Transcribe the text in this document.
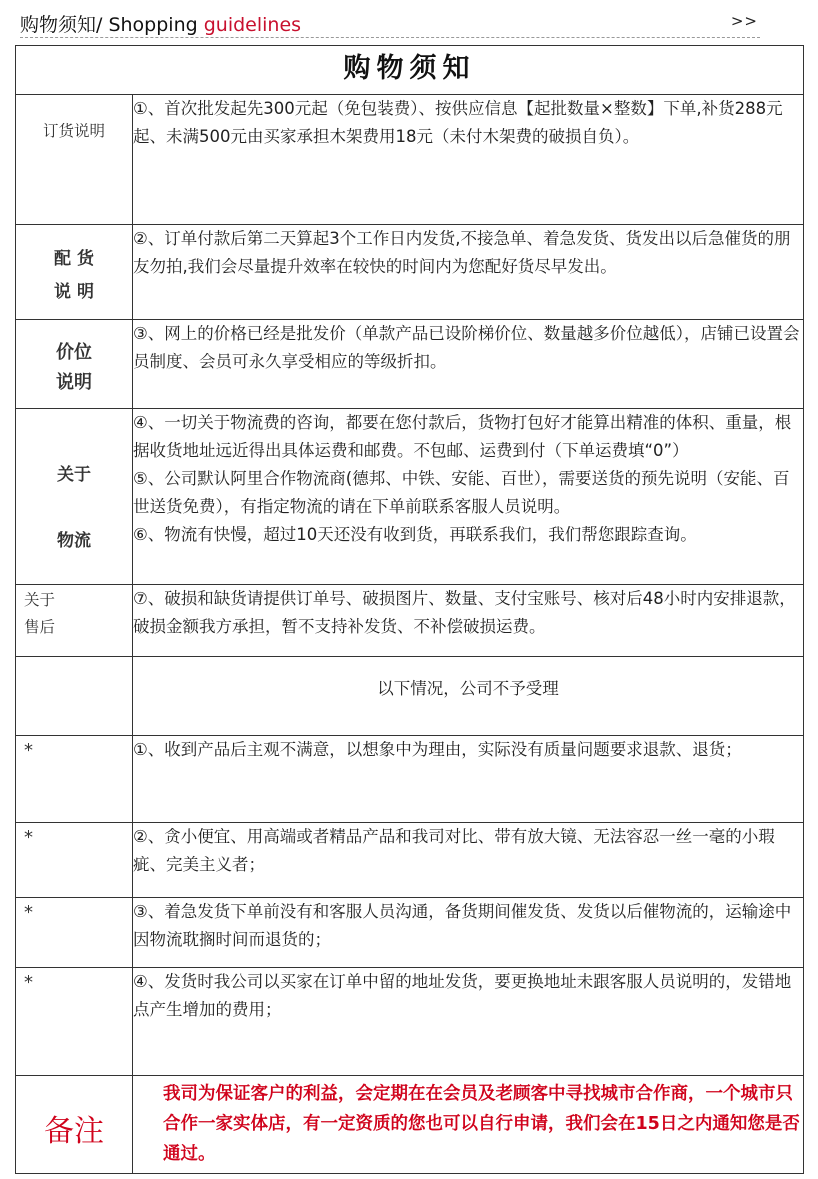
购物须知/ Shopping guidelines	>>
购物须知	

订货说明	①、首次批发起先300元起（免包装费）、按供应信息【起批数量×整数】下单,补货288元起、未满500元由买家承担木架费用18元（未付木架费的破损自负）。

配 货
说 明	②、订单付款后第二天算起3个工作日内发货,不接急单、着急发货、货发出以后急催货的朋友勿拍,我们会尽量提升效率在较快的时间内为您配好货尽早发出。

价位
说明	③、网上的价格已经是批发价（单款产品已设阶梯价位、数量越多价位越低），店铺已设置会员制度、会员可永久享受相应的等级折扣。

关于

物流	④、一切关于物流费的咨询，都要在您付款后，货物打包好才能算出精准的体积、重量，根据收货地址远近得出具体运费和邮费。不包邮、运费到付（下单运费填“0”）
⑤、公司默认阿里合作物流商(德邦、中铁、安能、百世），需要送货的预先说明（安能、百世送货免费），有指定物流的请在下单前联系客服人员说明。
⑥、物流有快慢，超过10天还没有收到货，再联系我们，我们帮您跟踪查询。

关于
售后	⑦、破损和缺货请提供订单号、破损图片、数量、支付宝账号、核对后48小时内安排退款，破损金额我方承担，暂不支持补发货、不补偿破损运费。

	以下情况，公司不予受理

*	①、收到产品后主观不满意，以想象中为理由，实际没有质量问题要求退款、退货；

*	②、贪小便宜、用高端或者精品产品和我司对比、带有放大镜、无法容忍一丝一毫的小瑕疵、完美主义者；

*	③、着急发货下单前没有和客服人员沟通，备货期间催发货、发货以后催物流的，运输途中因物流耽搁时间而退货的；

*	④、发货时我公司以买家在订单中留的地址发货，要更换地址未跟客服人员说明的，发错地点产生增加的费用；

备注	我司为保证客户的利益，会定期在在会员及老顾客中寻找城市合作商，一个城市只合作一家实体店，有一定资质的您也可以自行申请，我们会在15日之内通知您是否通过。
